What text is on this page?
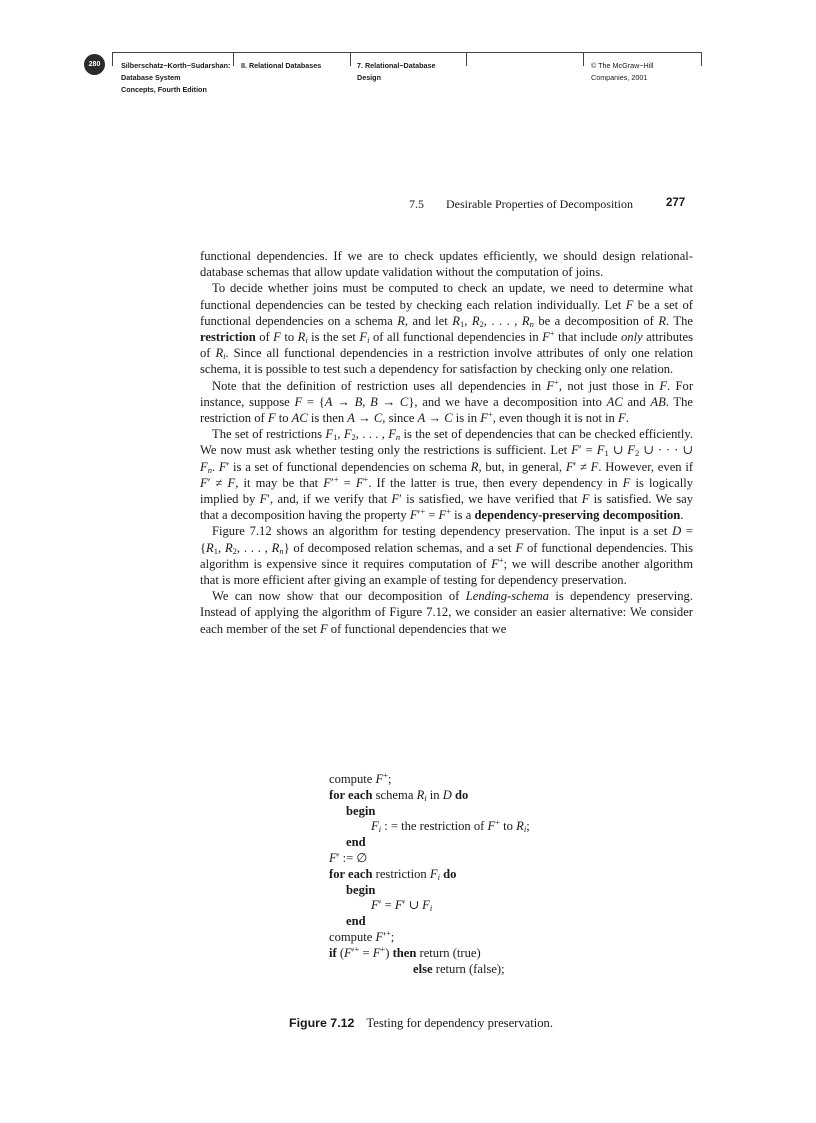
280	Silberschatz−Korth−Sudarshan:
Database System
Concepts, Fourth Edition
II. Relational Databases	7. Relational−Database
Design
© The McGraw−Hill
Companies, 2001
7.5 Desirable Properties of Decomposition	277

functional dependencies. If we are to check updates efficiently, we should design relational-database schemas that allow update validation without the computation of joins.

To decide whether joins must be computed to check an update, we need to determine what functional dependencies can be tested by checking each relation individually. Let F be a set of functional dependencies on a schema R, and let $R_1$, $R_2$, . . . , $R_n$ be a decomposition of R. The restriction of F to $R_i$ is the set $F_i$ of all functional dependencies in F+ that include only attributes of $R_i$. Since all functional dependencies in a restriction involve attributes of only one relation schema, it is possible to test such a dependency for satisfaction by checking only one relation.

Note that the definition of restriction uses all dependencies in F+, not just those in F. For instance, suppose F = {A → B, B → C}, and we have a decomposition into AC and AB. The restriction of F to AC is then A → C, since A → C is in F+, even though it is not in F.

The set of restrictions $F_1$, $F_2$, . . . , $F_n$ is the set of dependencies that can be checked efficiently. We now must ask whether testing only the restrictions is sufficient. Let $F' = F_1$ ∪ $F_2$ ∪ · · · ∪ $F_n$. F′ is a set of functional dependencies on schema R, but, in general, F′ ≠ F. However, even if F′ ≠ F, it may be that F′+ = F+. If the latter is true, then every dependency in F is logically implied by F′, and, if we verify that F′ is satisfied, we have verified that F is satisfied. We say that a decomposition having the property F′+ = F+ is a dependency-preserving decomposition.

Figure 7.12 shows an algorithm for testing dependency preservation. The input is a set $D = \{R_1$, $R_2$, . . . , $R_n$} of decomposed relation schemas, and a set F of functional dependencies. This algorithm is expensive since it requires computation of F+; we will describe another algorithm that is more efficient after giving an example of testing for dependency preservation.

We can now show that our decomposition of Lending-schema is dependency preserving. Instead of applying the algorithm of Figure 7.12, we consider an easier alternative: We consider each member of the set F of functional dependencies that we

compute F+;
for each schema $R_i$ in D do
begin
$F_i$ : = the restriction of F+ to $R_i$;
end
F′ := ∅
for each restriction $F_i$ do
begin
F′ = F′ ∪ $F_i$
end
compute F′+;
if (F′+ = F+) then return (true)
else return (false);
Figure 7.12 Testing for dependency preservation.
